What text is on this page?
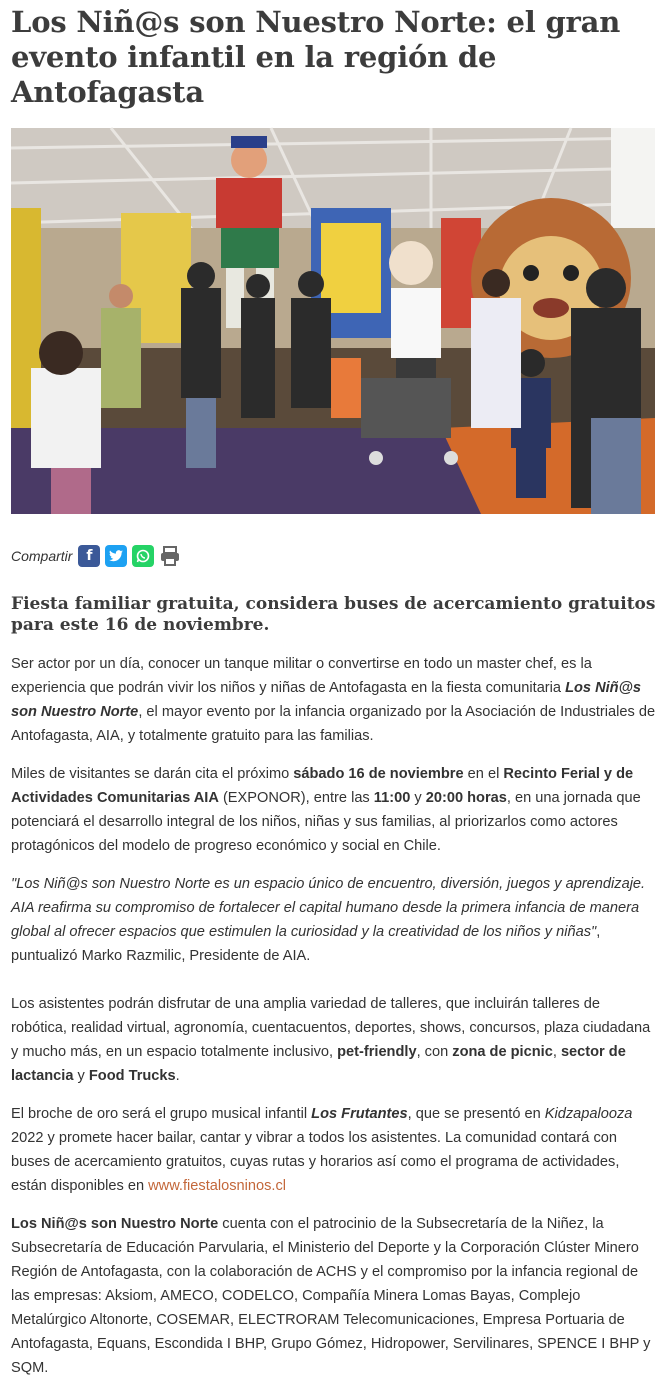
Los Niñ@s son Nuestro Norte: el gran evento infantil en la región de Antofagasta
Compartir f
Fiesta familiar gratuita, considera buses de acercamiento gratuitos para este 16 de noviembre.

Ser actor por un día, conocer un tanque militar o convertirse en todo un master chef, es la experiencia que podrán vivir los niños y niñas de Antofagasta en la fiesta comunitaria Los Niñ@s son Nuestro Norte, el mayor evento por la infancia organizado por la Asociación de Industriales de Antofagasta, AIA, y totalmente gratuito para las familias.

Miles de visitantes se darán cita el próximo sábado 16 de noviembre en el Recinto Ferial y de Actividades Comunitarias AIA (EXPONOR), entre las 11:00 y 20:00 horas, en una jornada que potenciará el desarrollo integral de los niños, niñas y sus familias, al priorizarlos como actores protagónicos del modelo de progreso económico y social en Chile.

"Los Niñ@s son Nuestro Norte es un espacio único de encuentro, diversión, juegos y aprendizaje. AIA reafirma su compromiso de fortalecer el capital humano desde la primera infancia de manera global al ofrecer espacios que estimulen la curiosidad y la creatividad de los niños y niñas", puntualizó Marko Razmilic, Presidente de AIA.

Los asistentes podrán disfrutar de una amplia variedad de talleres, que incluirán talleres de robótica, realidad virtual, agronomía, cuentacuentos, deportes, shows, concursos, plaza ciudadana y mucho más, en un espacio totalmente inclusivo, pet-friendly, con zona de picnic, sector de lactancia y Food Trucks.

El broche de oro será el grupo musical infantil Los Frutantes, que se presentó en Kidzapalooza 2022 y promete hacer bailar, cantar y vibrar a todos los asistentes. La comunidad contará con buses de acercamiento gratuitos, cuyas rutas y horarios así como el programa de actividades, están disponibles en www.fiestalosninos.cl

Los Niñ@s son Nuestro Norte cuenta con el patrocinio de la Subsecretaría de la Niñez, la Subsecretaría de Educación Parvularia, el Ministerio del Deporte y la Corporación Clúster Minero Región de Antofagasta, con la colaboración de ACHS y el compromiso por la infancia regional de las empresas: Aksiom, AMECO, CODELCO, Compañía Minera Lomas Bayas, Complejo Metalúrgico Altonorte, COSEMAR, ELECTRORAM Telecomunicaciones, Empresa Portuaria de Antofagasta, Equans, Escondida I BHP, Grupo Gómez, Hidropower, Servilinares, SPENCE I BHP y SQM.
